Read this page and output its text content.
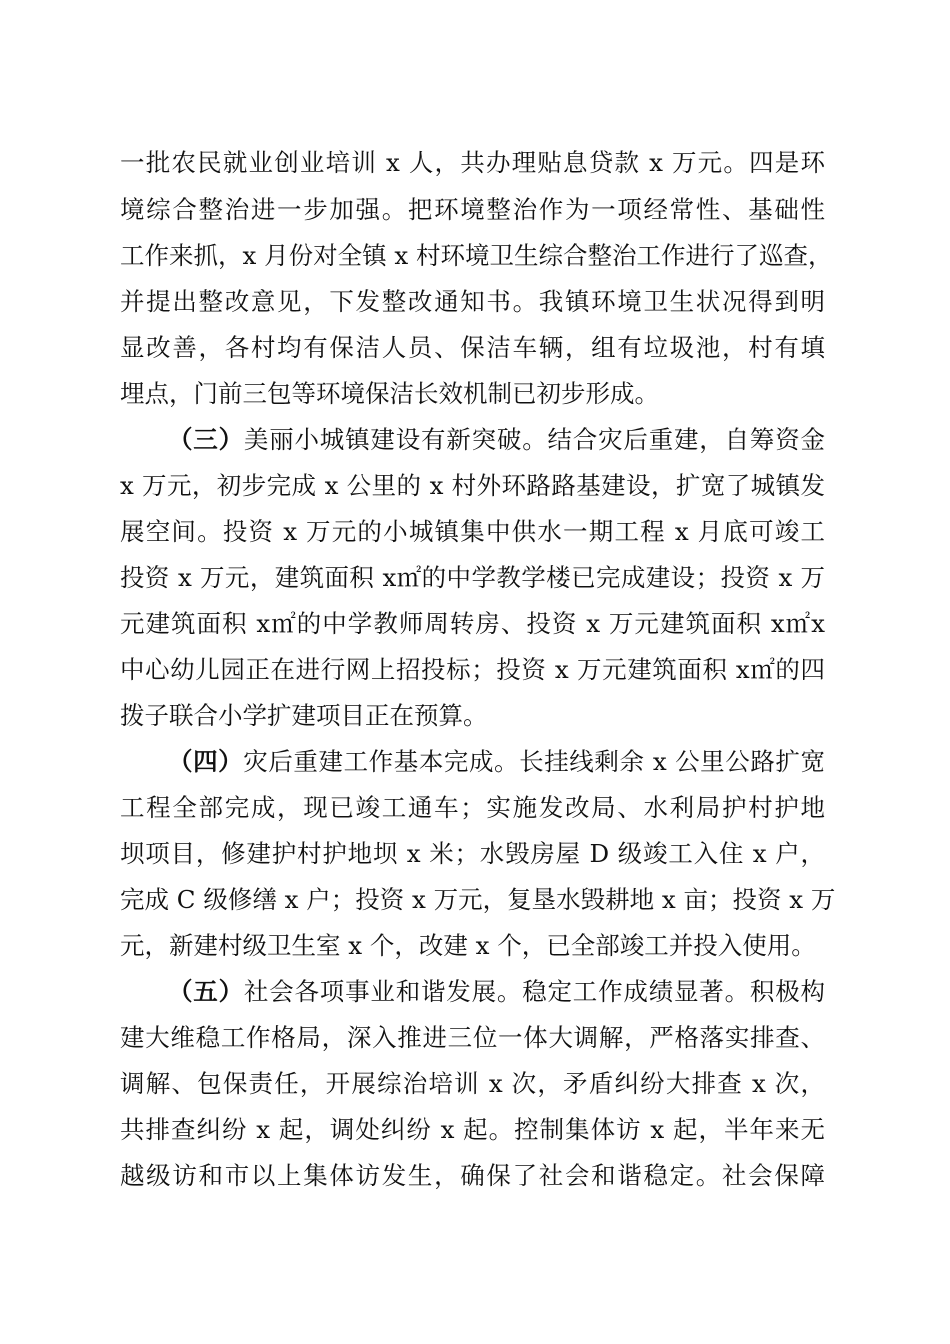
一批农民就业创业培训 x 人，共办理贴息贷款 x 万元。四是环
境综合整治进一步加强。把环境整治作为一项经常性、基础性
工作来抓，x 月份对全镇 x 村环境卫生综合整治工作进行了巡查，
并提出整改意见，下发整改通知书。我镇环境卫生状况得到明
显改善，各村均有保洁人员、保洁车辆，组有垃圾池，村有填
埋点，门前三包等环境保洁长效机制已初步形成。
（三）美丽小城镇建设有新突破。结合灾后重建，自筹资金
x 万元，初步完成 x 公里的 x 村外环路路基建设，扩宽了城镇发
展空间。投资 x 万元的小城镇集中供水一期工程 x 月底可竣工
投资 x 万元，建筑面积 x㎡的中学教学楼已完成建设；投资 x 万
元建筑面积 x㎡的中学教师周转房、投资 x 万元建筑面积 x㎡x
中心幼儿园正在进行网上招投标；投资 x 万元建筑面积 x㎡的四
拨子联合小学扩建项目正在预算。
（四）灾后重建工作基本完成。长挂线剩余 x 公里公路扩宽
工程全部完成，现已竣工通车；实施发改局、水利局护村护地
坝项目，修建护村护地坝 x 米；水毁房屋 D 级竣工入住 x 户，
完成 C 级修缮 x 户；投资 x 万元，复垦水毁耕地 x 亩；投资 x 万
元，新建村级卫生室 x 个，改建 x 个，已全部竣工并投入使用。
（五）社会各项事业和谐发展。稳定工作成绩显著。积极构
建大维稳工作格局，深入推进三位一体大调解，严格落实排查、
调解、包保责任，开展综治培训 x 次，矛盾纠纷大排查 x 次，
共排查纠纷 x 起，调处纠纷 x 起。控制集体访 x 起，半年来无
越级访和市以上集体访发生，确保了社会和谐稳定。社会保障
